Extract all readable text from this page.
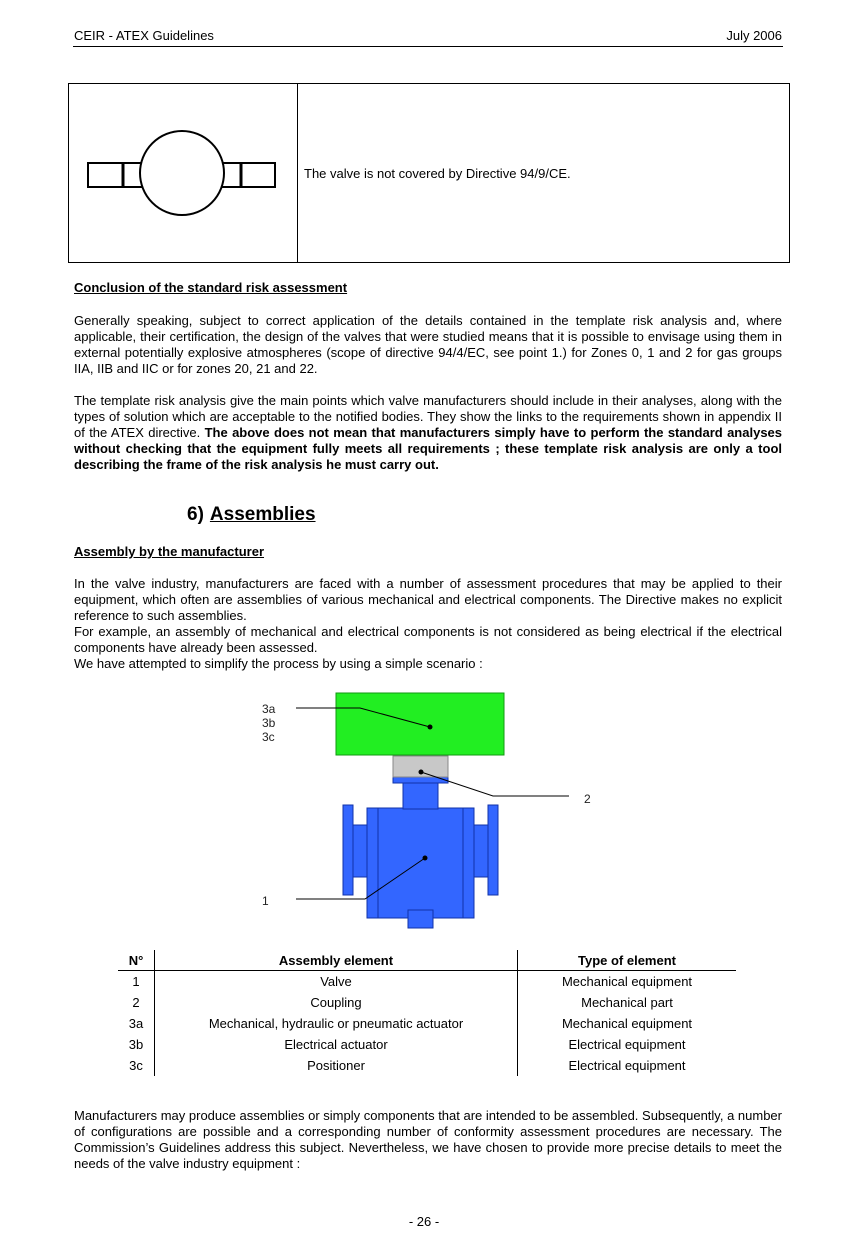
CEIR - ATEX Guidelines	July 2006
The valve is not covered by Directive 94/9/CE.
Conclusion of the standard risk assessment

Generally speaking, subject to correct application of the details contained in the template risk analysis and, where applicable, their certification, the design of the valves that were studied means that it is possible to envisage using them in external potentially explosive atmospheres (scope of directive 94/4/EC, see point 1.) for Zones 0, 1 and 2 for gas groups IIA, IIB and IIC or for zones 20, 21 and 22.

The template risk analysis give the main points which valve manufacturers should include in their analyses, along with the types of solution which are acceptable to the notified bodies. They show the links to the requirements shown in appendix II of the ATEX directive. The above does not mean that manufacturers simply have to perform the standard analyses without checking that the equipment fully meets all requirements ; these template risk analysis are only a tool describing the frame of the risk analysis he must carry out.

6) Assemblies
Assembly by the manufacturer

In the valve industry, manufacturers are faced with a number of assessment procedures that may be applied to their equipment, which often are assemblies of various mechanical and electrical components. The Directive makes no explicit reference to such assemblies.

For example, an assembly of mechanical and electrical components is not considered as being electrical if the electrical components have already been assessed.

We have attempted to simplify the process by using a simple scenario :

3a
3b
3c
2
1
N°	Assembly element	Type of element
1	Valve	Mechanical equipment
2	Coupling	Mechanical part
3a	Mechanical, hydraulic or pneumatic actuator	Mechanical equipment
3b	Electrical actuator	Electrical equipment
3c	Positioner	Electrical equipment

Manufacturers may produce assemblies or simply components that are intended to be assembled. Subsequently, a number of configurations are possible and a corresponding number of conformity assessment procedures are necessary. The Commission’s Guidelines address this subject. Nevertheless, we have chosen to provide more precise details to meet the needs of the valve industry equipment :

- 26 -
